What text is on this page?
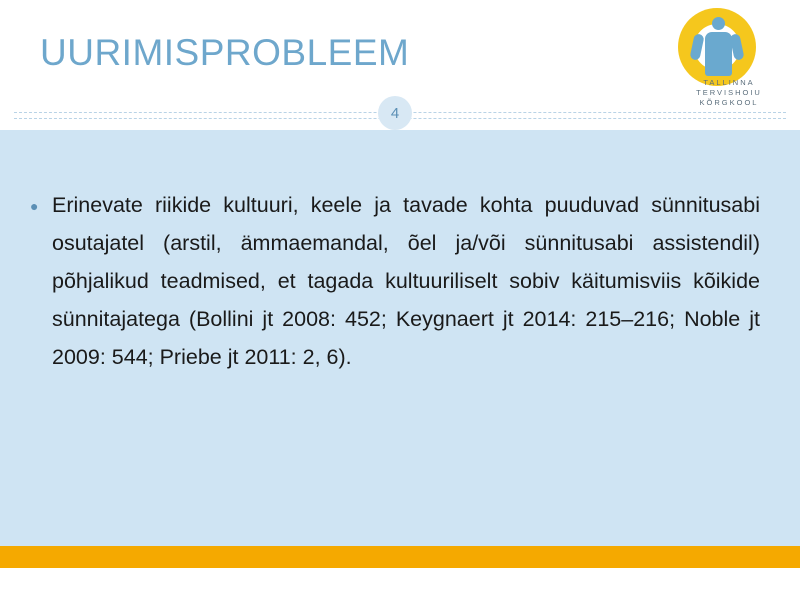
UURIMISPROBLEEM
4
TALLINNA
TERVISHOIU
KÕRGKOOL
● Erinevate riikide kultuuri, keele ja tavade kohta puuduvad sünnitusabi osutajatel (arstil, ämmaemandal, õel ja/või sünnitusabi assistendil) põhjalikud teadmised, et tagada kultuuriliselt sobiv käitumisviis kõikide sünnitajatega (Bollini jt 2008: 452; Keygnaert jt 2014: 215–216; Noble jt 2009: 544; Priebe jt 2011: 2, 6).
